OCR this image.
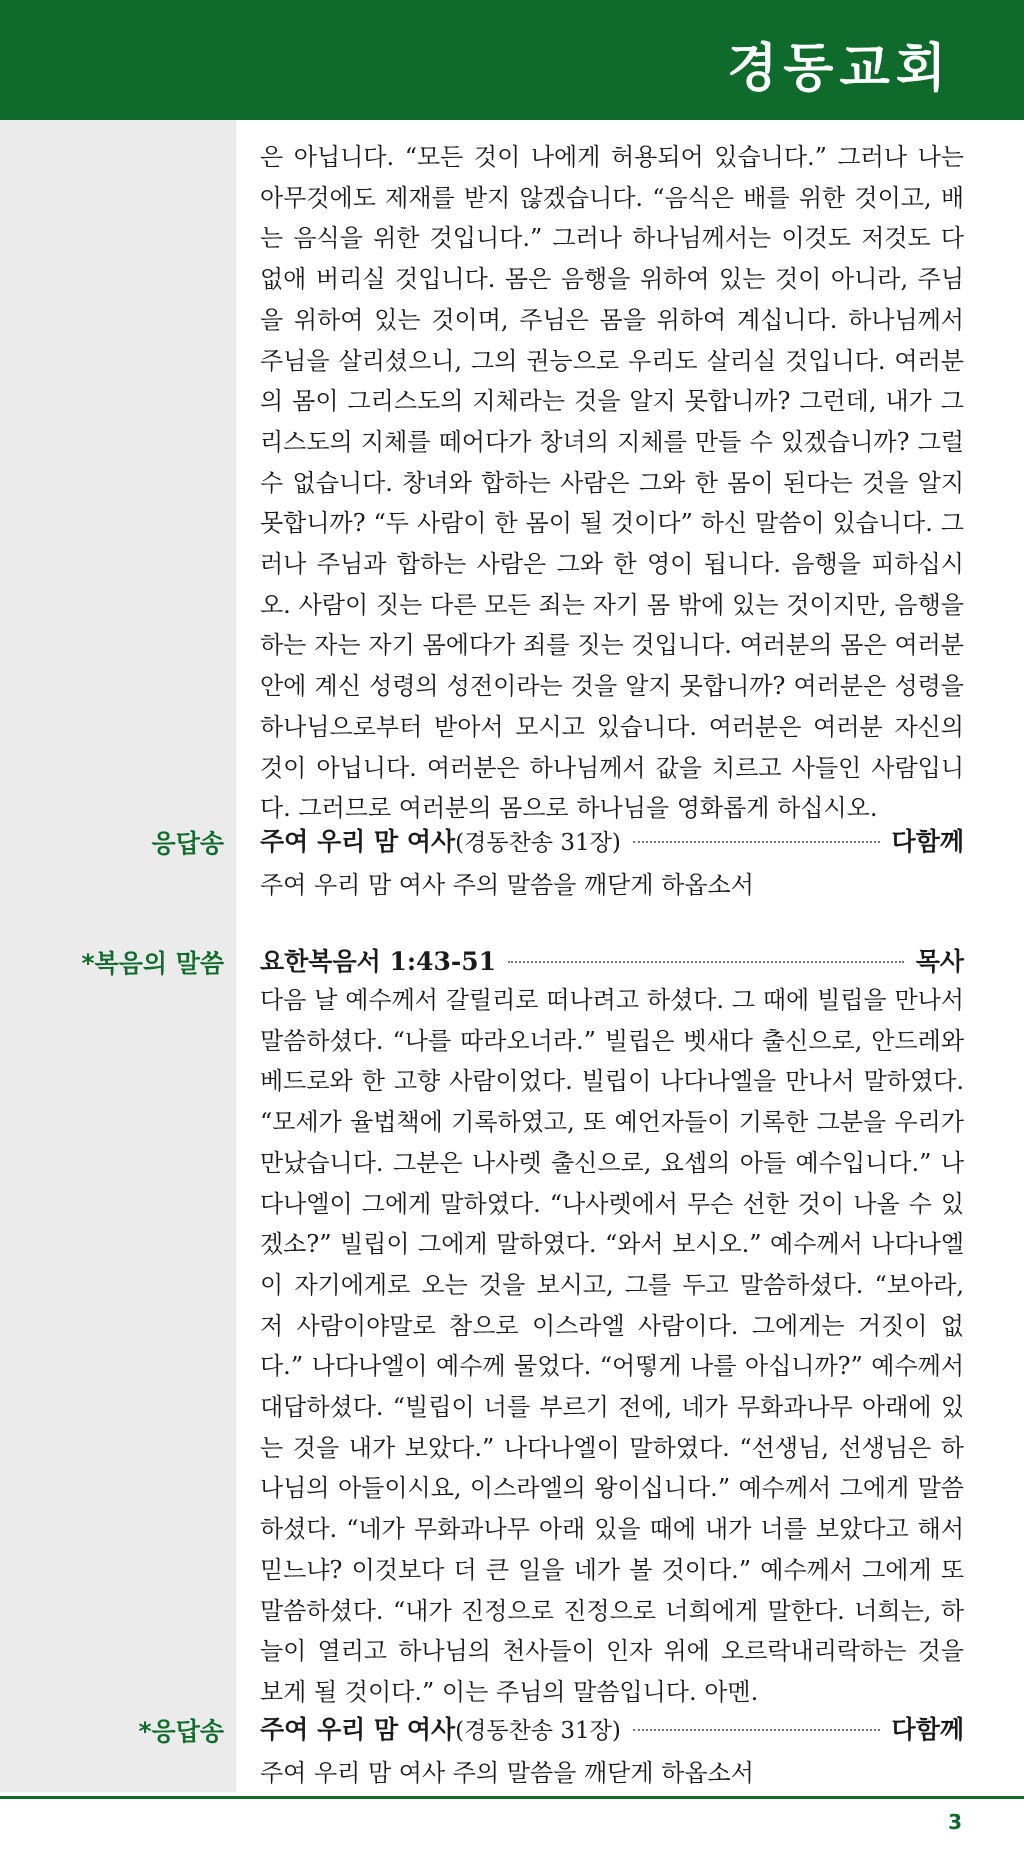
경동교회

은 아닙니다. “모든 것이 나에게 허용되어 있습니다.” 그러나 나는 아무것에도 제재를 받지 않겠습니다. “음식은 배를 위한 것이고, 배는 음식을 위한 것입니다.” 그러나 하나님께서는 이것도 저것도 다 없애 버리실 것입니다. 몸은 음행을 위하여 있는 것이 아니라, 주님을 위하여 있는 것이며, 주님은 몸을 위하여 계십니다. 하나님께서 주님을 살리셨으니, 그의 권능으로 우리도 살리실 것입니다. 여러분의 몸이 그리스도의 지체라는 것을 알지 못합니까? 그런데, 내가 그리스도의 지체를 떼어다가 창녀의 지체를 만들 수 있겠습니까? 그럴 수 없습니다. 창녀와 합하는 사람은 그와 한 몸이 된다는 것을 알지 못합니까? “두 사람이 한 몸이 될 것이다” 하신 말씀이 있습니다. 그러나 주님과 합하는 사람은 그와 한 영이 됩니다. 음행을 피하십시오. 사람이 짓는 다른 모든 죄는 자기 몸 밖에 있는 것이지만, 음행을 하는 자는 자기 몸에다가 죄를 짓는 것입니다. 여러분의 몸은 여러분 안에 계신 성령의 성전이라는 것을 알지 못합니까? 여러분은 성령을 하나님으로부터 받아서 모시고 있습니다. 여러분은 여러분 자신의 것이 아닙니다. 여러분은 하나님께서 값을 치르고 사들인 사람입니다. 그러므로 여러분의 몸으로 하나님을 영화롭게 하십시오.

응답송 주여 우리 맘 여사 (경동찬송 31장)	다함께
주여 우리 맘 여사 주의 말씀을 깨닫게 하옵소서
*복음의 말씀 요한복음서 1:43-51	목사

다음 날 예수께서 갈릴리로 떠나려고 하셨다. 그 때에 빌립을 만나서 말씀하셨다. “나를 따라오너라.” 빌립은 벳새다 출신으로, 안드레와 베드로와 한 고향 사람이었다. 빌립이 나다나엘을 만나서 말하였다. “모세가 율법책에 기록하였고, 또 예언자들이 기록한 그분을 우리가 만났습니다. 그분은 나사렛 출신으로, 요셉의 아들 예수입니다.” 나다나엘이 그에게 말하였다. “나사렛에서 무슨 선한 것이 나올 수 있겠소?” 빌립이 그에게 말하였다. “와서 보시오.” 예수께서 나다나엘이 자기에게로 오는 것을 보시고, 그를 두고 말씀하셨다. “보아라, 저 사람이야말로 참으로 이스라엘 사람이다. 그에게는 거짓이 없다.” 나다나엘이 예수께 물었다. “어떻게 나를 아십니까?” 예수께서 대답하셨다. “빌립이 너를 부르기 전에, 네가 무화과나무 아래에 있는 것을 내가 보았다.” 나다나엘이 말하였다. “선생님, 선생님은 하나님의 아들이시요, 이스라엘의 왕이십니다.” 예수께서 그에게 말씀하셨다. “네가 무화과나무 아래 있을 때에 내가 너를 보았다고 해서 믿느냐? 이것보다 더 큰 일을 네가 볼 것이다.” 예수께서 그에게 또 말씀하셨다. “내가 진정으로 진정으로 너희에게 말한다. 너희는, 하늘이 열리고 하나님의 천사들이 인자 위에 오르락내리락하는 것을 보게 될 것이다.” 이는 주님의 말씀입니다. 아멘.

*응답송 주여 우리 맘 여사 (경동찬송 31장)	다함께
주여 우리 맘 여사 주의 말씀을 깨닫게 하옵소서
3
